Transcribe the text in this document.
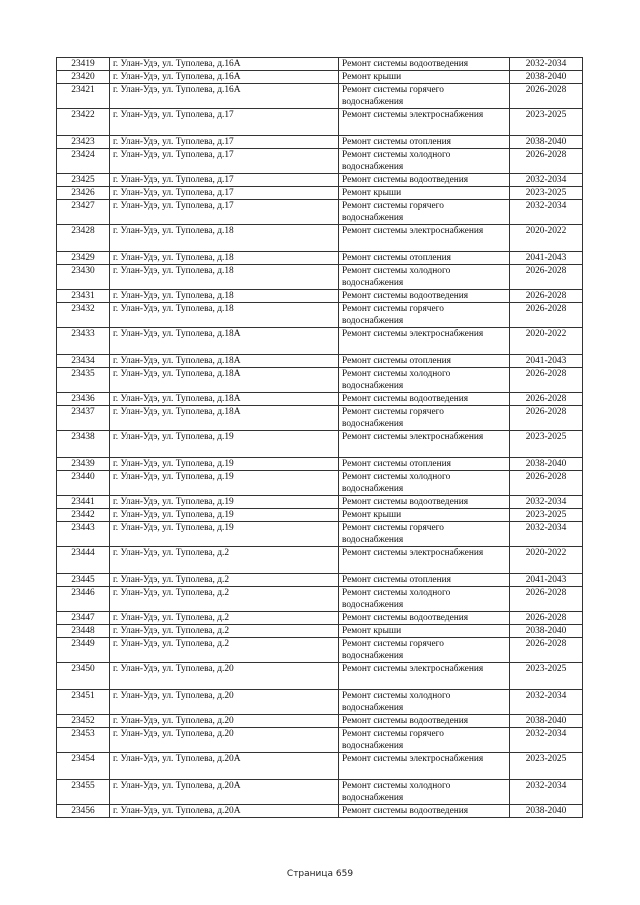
23419	г. Улан-Удэ, ул. Туполева, д.16А	Ремонт системы водоотведения	2032-2034
23420	г. Улан-Удэ, ул. Туполева, д.16А	Ремонт крыши	2038-2040
23421	г. Улан-Удэ, ул. Туполева, д.16А	Ремонт системы горячего водоснабжения	2026-2028
23422	г. Улан-Удэ, ул. Туполева, д.17	Ремонт системы электроснабжения	2023-2025
23423	г. Улан-Удэ, ул. Туполева, д.17	Ремонт системы отопления	2038-2040
23424	г. Улан-Удэ, ул. Туполева, д.17	Ремонт системы холодного водоснабжения	2026-2028
23425	г. Улан-Удэ, ул. Туполева, д.17	Ремонт системы водоотведения	2032-2034
23426	г. Улан-Удэ, ул. Туполева, д.17	Ремонт крыши	2023-2025
23427	г. Улан-Удэ, ул. Туполева, д.17	Ремонт системы горячего водоснабжения	2032-2034
23428	г. Улан-Удэ, ул. Туполева, д.18	Ремонт системы электроснабжения	2020-2022
23429	г. Улан-Удэ, ул. Туполева, д.18	Ремонт системы отопления	2041-2043
23430	г. Улан-Удэ, ул. Туполева, д.18	Ремонт системы холодного водоснабжения	2026-2028
23431	г. Улан-Удэ, ул. Туполева, д.18	Ремонт системы водоотведения	2026-2028
23432	г. Улан-Удэ, ул. Туполева, д.18	Ремонт системы горячего водоснабжения	2026-2028
23433	г. Улан-Удэ, ул. Туполева, д.18А	Ремонт системы электроснабжения	2020-2022
23434	г. Улан-Удэ, ул. Туполева, д.18А	Ремонт системы отопления	2041-2043
23435	г. Улан-Удэ, ул. Туполева, д.18А	Ремонт системы холодного водоснабжения	2026-2028
23436	г. Улан-Удэ, ул. Туполева, д.18А	Ремонт системы водоотведения	2026-2028
23437	г. Улан-Удэ, ул. Туполева, д.18А	Ремонт системы горячего водоснабжения	2026-2028
23438	г. Улан-Удэ, ул. Туполева, д.19	Ремонт системы электроснабжения	2023-2025
23439	г. Улан-Удэ, ул. Туполева, д.19	Ремонт системы отопления	2038-2040
23440	г. Улан-Удэ, ул. Туполева, д.19	Ремонт системы холодного водоснабжения	2026-2028
23441	г. Улан-Удэ, ул. Туполева, д.19	Ремонт системы водоотведения	2032-2034
23442	г. Улан-Удэ, ул. Туполева, д.19	Ремонт крыши	2023-2025
23443	г. Улан-Удэ, ул. Туполева, д.19	Ремонт системы горячего водоснабжения	2032-2034
23444	г. Улан-Удэ, ул. Туполева, д.2	Ремонт системы электроснабжения	2020-2022
23445	г. Улан-Удэ, ул. Туполева, д.2	Ремонт системы отопления	2041-2043
23446	г. Улан-Удэ, ул. Туполева, д.2	Ремонт системы холодного водоснабжения	2026-2028
23447	г. Улан-Удэ, ул. Туполева, д.2	Ремонт системы водоотведения	2026-2028
23448	г. Улан-Удэ, ул. Туполева, д.2	Ремонт крыши	2038-2040
23449	г. Улан-Удэ, ул. Туполева, д.2	Ремонт системы горячего водоснабжения	2026-2028
23450	г. Улан-Удэ, ул. Туполева, д.20	Ремонт системы электроснабжения	2023-2025
23451	г. Улан-Удэ, ул. Туполева, д.20	Ремонт системы холодного водоснабжения	2032-2034
23452	г. Улан-Удэ, ул. Туполева, д.20	Ремонт системы водоотведения	2038-2040
23453	г. Улан-Удэ, ул. Туполева, д.20	Ремонт системы горячего водоснабжения	2032-2034
23454	г. Улан-Удэ, ул. Туполева, д.20А	Ремонт системы электроснабжения	2023-2025
23455	г. Улан-Удэ, ул. Туполева, д.20А	Ремонт системы холодного водоснабжения	2032-2034
23456	г. Улан-Удэ, ул. Туполева, д.20А	Ремонт системы водоотведения	2038-2040
Страница 659
